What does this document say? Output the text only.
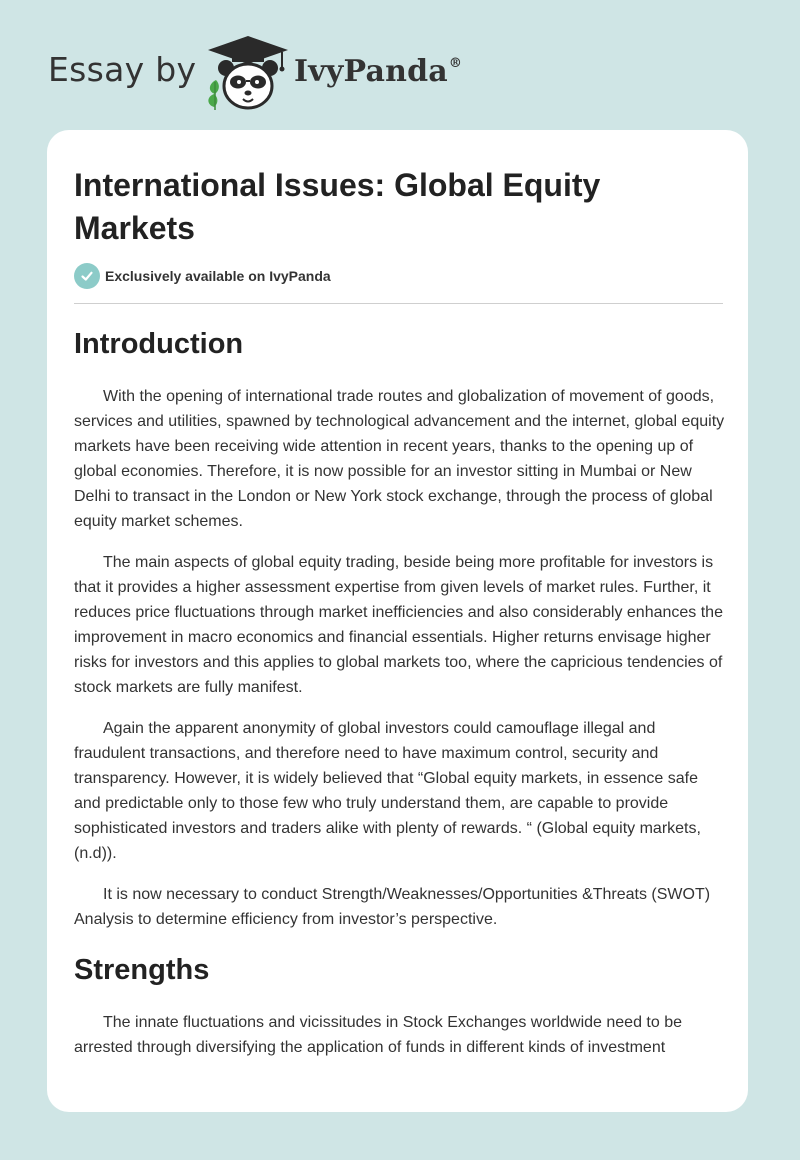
Essay by	IvyPanda®
International Issues: Global Equity Markets
Exclusively available on IvyPanda
Introduction

With the opening of international trade routes and globalization of movement of goods, services and utilities, spawned by technological advancement and the internet, global equity markets have been receiving wide attention in recent years, thanks to the opening up of global economies. Therefore, it is now possible for an investor sitting in Mumbai or New Delhi to transact in the London or New York stock exchange, through the process of global equity market schemes.

The main aspects of global equity trading, beside being more profitable for investors is that it provides a higher assessment expertise from given levels of market rules. Further, it reduces price fluctuations through market inefficiencies and also considerably enhances the improvement in macro economics and financial essentials. Higher returns envisage higher risks for investors and this applies to global markets too, where the capricious tendencies of stock markets are fully manifest.

Again the apparent anonymity of global investors could camouflage illegal and fraudulent transactions, and therefore need to have maximum control, security and transparency. However, it is widely believed that “Global equity markets, in essence safe and predictable only to those few who truly understand them, are capable to provide sophisticated investors and traders alike with plenty of rewards. “ (Global equity markets, (n.d)).

It is now necessary to conduct Strength/Weaknesses/Opportunities &Threats (SWOT) Analysis to determine efficiency from investor’s perspective.

Strengths

The innate fluctuations and vicissitudes in Stock Exchanges worldwide need to be arrested through diversifying the application of funds in different kinds of investment
